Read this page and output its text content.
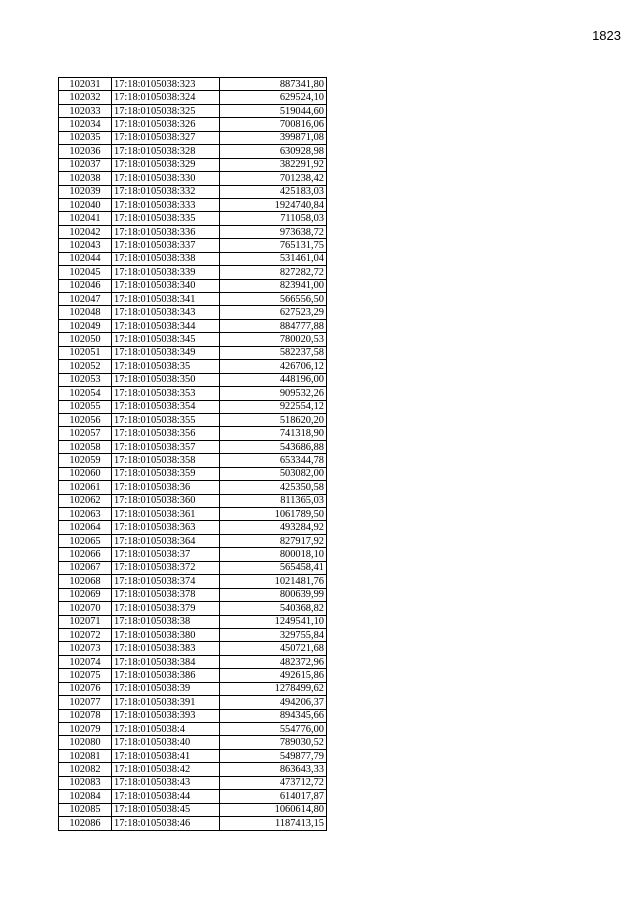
1823
102031	17:18:0105038:323	887341,80
102032	17:18:0105038:324	629524,10
102033	17:18:0105038:325	519044,60
102034	17:18:0105038:326	700816,06
102035	17:18:0105038:327	399871,08
102036	17:18:0105038:328	630928,98
102037	17:18:0105038:329	382291,92
102038	17:18:0105038:330	701238,42
102039	17:18:0105038:332	425183,03
102040	17:18:0105038:333	1924740,84
102041	17:18:0105038:335	711058,03
102042	17:18:0105038:336	973638,72
102043	17:18:0105038:337	765131,75
102044	17:18:0105038:338	531461,04
102045	17:18:0105038:339	827282,72
102046	17:18:0105038:340	823941,00
102047	17:18:0105038:341	566556,50
102048	17:18:0105038:343	627523,29
102049	17:18:0105038:344	884777,88
102050	17:18:0105038:345	780020,53
102051	17:18:0105038:349	582237,58
102052	17:18:0105038:35	426706,12
102053	17:18:0105038:350	448196,00
102054	17:18:0105038:353	909532,26
102055	17:18:0105038:354	922554,12
102056	17:18:0105038:355	518620,20
102057	17:18:0105038:356	741318,90
102058	17:18:0105038:357	543686,88
102059	17:18:0105038:358	653344,78
102060	17:18:0105038:359	503082,00
102061	17:18:0105038:36	425350,58
102062	17:18:0105038:360	811365,03
102063	17:18:0105038:361	1061789,50
102064	17:18:0105038:363	493284,92
102065	17:18:0105038:364	827917,92
102066	17:18:0105038:37	800018,10
102067	17:18:0105038:372	565458,41
102068	17:18:0105038:374	1021481,76
102069	17:18:0105038:378	800639,99
102070	17:18:0105038:379	540368,82
102071	17:18:0105038:38	1249541,10
102072	17:18:0105038:380	329755,84
102073	17:18:0105038:383	450721,68
102074	17:18:0105038:384	482372,96
102075	17:18:0105038:386	492615,86
102076	17:18:0105038:39	1278499,62
102077	17:18:0105038:391	494206,37
102078	17:18:0105038:393	894345,66
102079	17:18:0105038:4	554776,00
102080	17:18:0105038:40	789030,52
102081	17:18:0105038:41	549877,79
102082	17:18:0105038:42	863643,33
102083	17:18:0105038:43	473712,72
102084	17:18:0105038:44	614017,87
102085	17:18:0105038:45	1060614,80
102086	17:18:0105038:46	1187413,15
